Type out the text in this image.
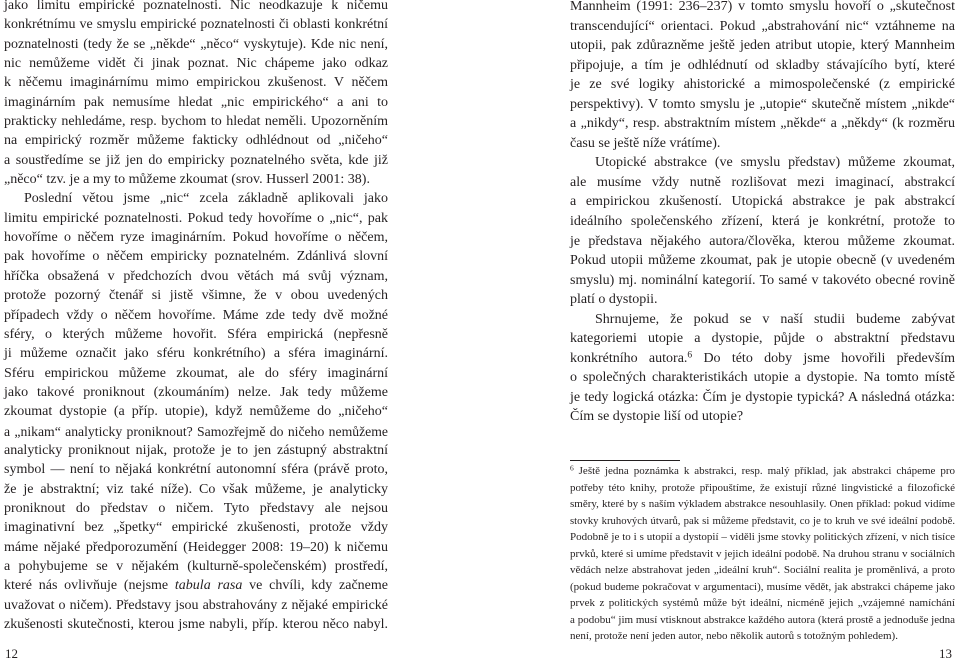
jako limitu empirické poznatelnosti. Nic neodkazuje k ničemu
konkrétnímu ve smyslu empirické poznatelnosti či oblasti konkrétní
poznatelnosti (tedy že se „někde“ „něco“ vyskytuje). Kde nic není,
nic nemůžeme vidět či jinak poznat. Nic chápeme jako odkaz
k něčemu imaginárnímu mimo empirickou zkušenost. V něčem
imaginárním pak nemusíme hledat „nic empirického“ a ani to
prakticky nehledáme, resp. bychom to hledat neměli. Upozorněním
na empirický rozměr můžeme fakticky odhlédnout od „ničeho“
a soustředíme se již jen do empiricky poznatelného světa, kde již
„něco“ tzv. je a my to můžeme zkoumat (srov. Husserl 2001: 38).
Poslední větou jsme „nic“ zcela základně aplikovali jako
limitu empirické poznatelnosti. Pokud tedy hovoříme o „nic“, pak
hovoříme o něčem ryze imaginárním. Pokud hovoříme o něčem,
pak hovoříme o něčem empiricky poznatelném. Zdánlivá slovní
hříčka obsažená v předchozích dvou větách má svůj význam,
protože pozorný čtenář si jistě všimne, že v obou uvedených
případech vždy o něčem hovoříme. Máme zde tedy dvě možné
sféry, o kterých můžeme hovořit. Sféra empirická (nepřesně
ji můžeme označit jako sféru konkrétního) a sféra imaginární.
Sféru empirickou můžeme zkoumat, ale do sféry imaginární
jako takové proniknout (zkoumáním) nelze. Jak tedy můžeme
zkoumat dystopie (a příp. utopie), když nemůžeme do „ničeho“
a „nikam“ analyticky proniknout? Samozřejmě do ničeho nemůžeme
analyticky proniknout nijak, protože je to jen zástupný abstraktní
symbol — není to nějaká konkrétní autonomní sféra (právě proto,
že je abstraktní; viz také níže). Co však můžeme, je analyticky
proniknout do představ o ničem. Tyto představy ale nejsou
imaginativní bez „špetky“ empirické zkušenosti, protože vždy
máme nějaké předporozumění (Heidegger 2008: 19–20) k ničemu
a pohybujeme se v nějakém (kulturně-společenském) prostředí,
které nás ovlivňuje (nejsme tabula rasa ve chvíli, kdy začneme
uvažovat o ničem). Představy jsou abstrahovány z nějaké empirické
zkušenosti skutečnosti, kterou jsme nabyli, příp. kterou něco nabyl.
12
Mannheim (1991: 236–237) v tomto smyslu hovoří o „skutečnost
transcendující“ orientaci. Pokud „abstrahování nic“ vztáhneme na
utopii, pak zdůrazněme ještě jeden atribut utopie, který Mannheim
připojuje, a tím je odhlédnutí od skladby stávajícího bytí, které
je ze své logiky ahistorické a mimospolečenské (z empirické
perspektivy). V tomto smyslu je „utopie“ skutečně místem „nikde“
a „nikdy“, resp. abstraktním místem „někde“ a „někdy“ (k rozměru
času se ještě níže vrátíme).
Utopické abstrakce (ve smyslu představ) můžeme zkoumat,
ale musíme vždy nutně rozlišovat mezi imaginací, abstrakcí
a empirickou zkušeností. Utopická abstrakce je pak abstrakcí
ideálního společenského zřízení, která je konkrétní, protože to
je představa nějakého autora/člověka, kterou můžeme zkoumat.
Pokud utopii můžeme zkoumat, pak je utopie obecně (v uvedeném
smyslu) mj. nominální kategorií. To samé v takovéto obecné rovině
platí o dystopii.
Shrnujeme, že pokud se v naší studii budeme zabývat
kategoriemi utopie a dystopie, půjde o abstraktní představu
konkrétního autora.$^6$ Do této doby jsme hovořili především
o společných charakteristikách utopie a dystopie. Na tomto místě
je tedy logická otázka: Čím je dystopie typická? A následná otázka:
Čím se dystopie liší od utopie?
$^6$ Ještě jedna poznámka k abstrakci, resp. malý příklad, jak abstrakci chápeme pro
potřeby této knihy, protože připouštíme, že existují různé lingvistické a filozofické
směry, které by s naším výkladem abstrakce nesouhlasily. Onen příklad: pokud vidíme
stovky kruhových útvarů, pak si můžeme představit, co je to kruh ve své ideální podobě.
Podobně je to i s utopií a dystopií – viděli jsme stovky politických zřízení, v nich tisíce
prvků, které si umíme představit v jejich ideální podobě. Na druhou stranu v sociálních
vědách nelze abstrahovat jeden „ideální kruh“. Sociální realita je proměnlivá, a proto
(pokud budeme pokračovat v argumentaci), musíme vědět, jak abstrakci chápeme jako
prvek z politických systémů může být ideální, nicméně jejich „vzájemné namíchání
a podobu“ jim musí vtisknout abstrakce každého autora (která prostě a jednoduše jedna
není, protože není jeden autor, nebo několik autorů s totožným pohledem).
13
